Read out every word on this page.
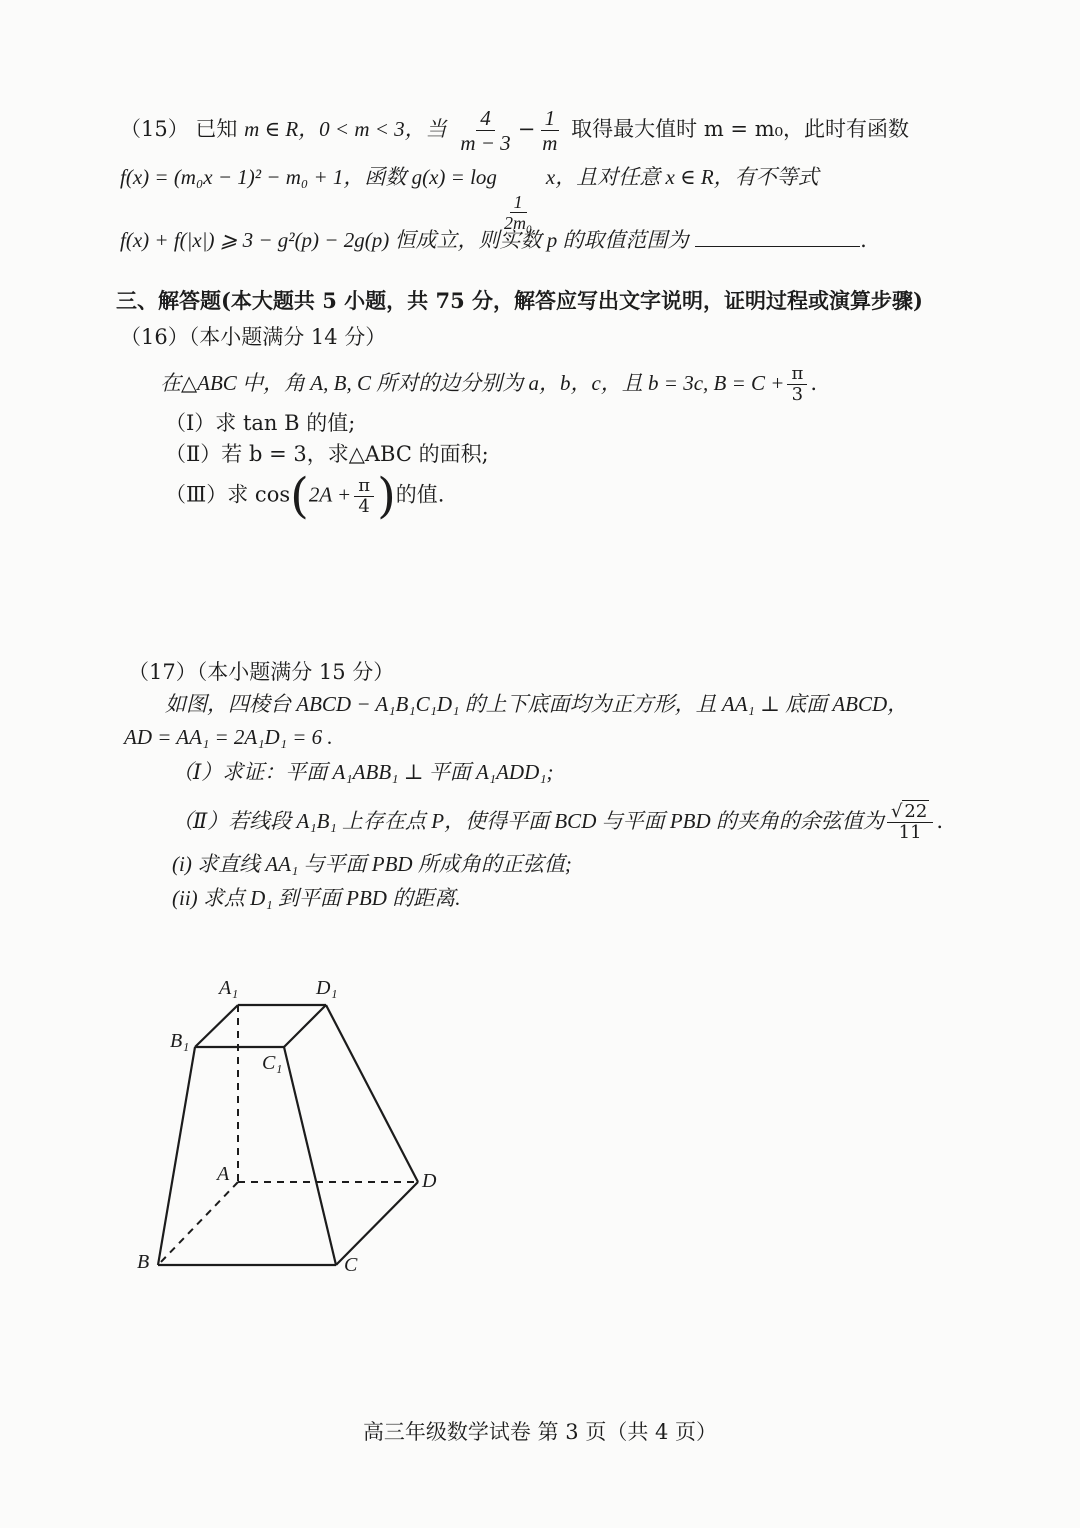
（15） 已知 m ∈ R，0 < m < 3，当 $\frac{4}{m - 3} - \frac{1}{m}$ 取得最大值时 m = m₀，此时有函数
f(x) = (m₀x − 1)² − m₀ + 1，函数 g(x) = log
$\frac{1}{\text{2m₀}}$
x，且对任意 x ∈ R，有不等式
f(x) + f(|x|) ⩾ 3 − g²(p) − 2g(p) 恒成立，则实数 p 的取值范围为	.
三、解答题(本大题共 5 小题，共 75 分，解答应写出文字说明，证明过程或演算步骤)
（16）（本小题满分 14 分）
在△ABC 中，角 A, B, C 所对的边分别为 a，b，c，且 b = 3c, $B = C + \frac{\pi}{3}$ .
（Ⅰ）求 tan B 的值;
（Ⅱ）若 b = 3，求△ABC 的面积;
（Ⅲ）求 $\cos(2A + \frac{\pi}{4}$ )的值.
（17）（本小题满分 15 分）
如图，四棱台 ABCD − A₁B₁C₁D₁ 的上下底面均为正方形，且 AA₁ ⊥ 底面 ABCD，
AD = AA₁ = 2A₁D₁ = 6 .
（Ⅰ）求证：平面 A₁ABB₁ ⊥ 平面 A₁ADD₁;
（Ⅱ）若线段 A₁B₁ 上存在点 P，使得平面 BCD 与平面 PBD 的夹角的余弦值为 $\frac{√ 22}{11}$ .
(i) 求直线 AA₁ 与平面 PBD 所成角的正弦值;
(ii) 求点 D₁ 到平面 PBD 的距离.
A₁	D₁
B₁
C₁
A	D
B	C
高三年级数学试卷 第 3 页（共 4 页）
